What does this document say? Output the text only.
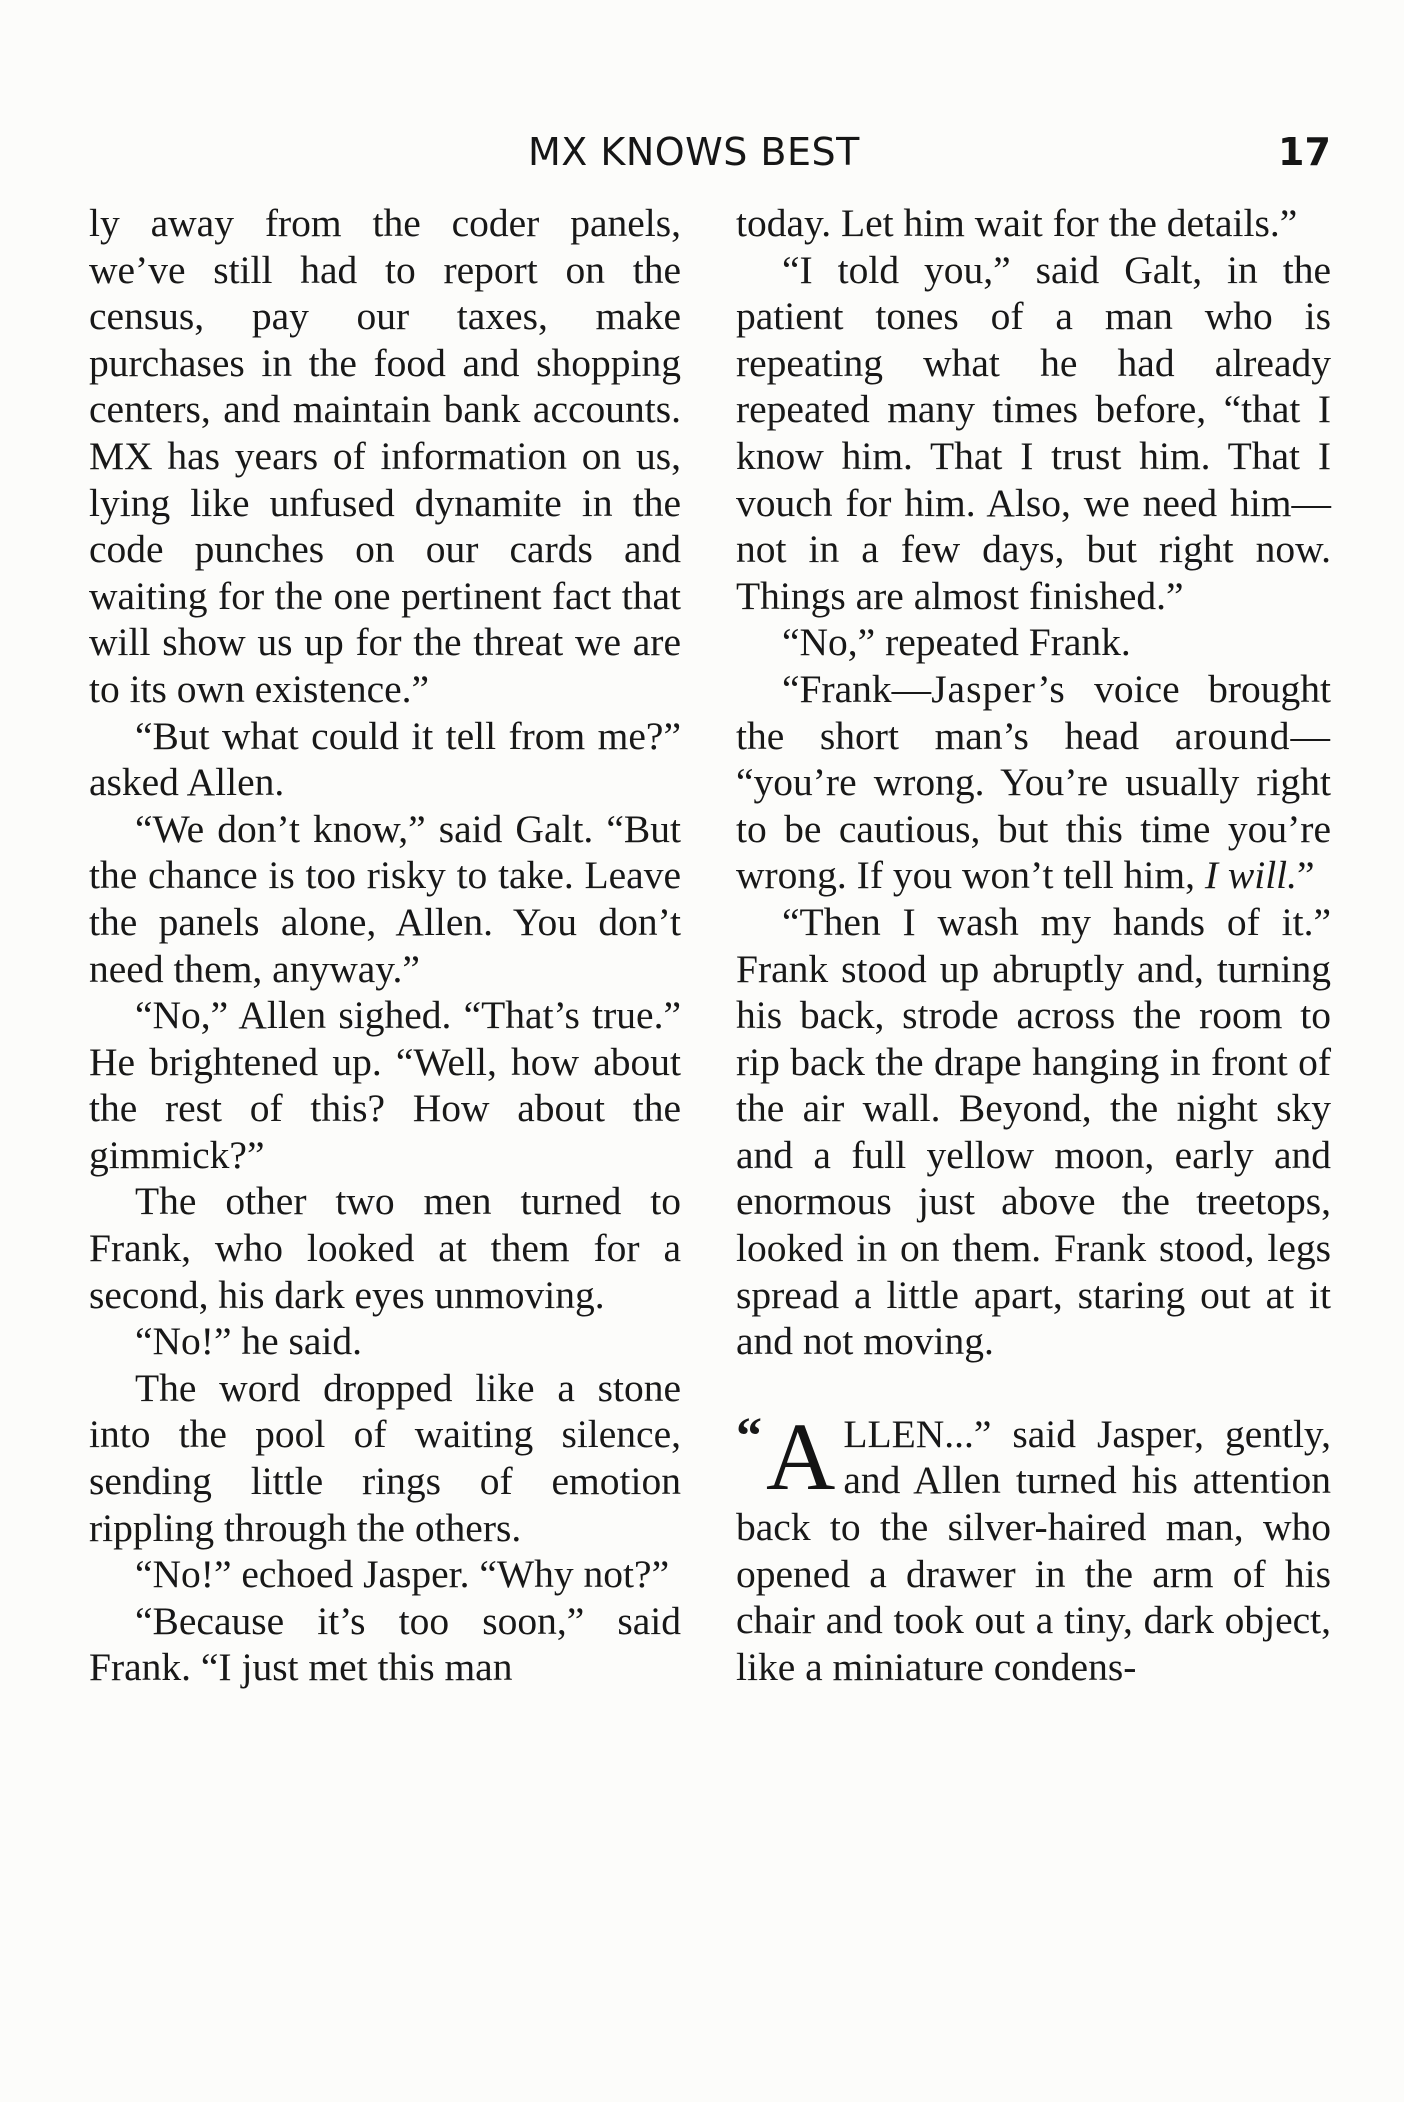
MX KNOWS BEST	17

ly away from the coder panels, we’ve still had to report on the census, pay our taxes, make purchases in the food and shopping centers, and maintain bank accounts. MX has years of information on us, lying like unfused dynamite in the code punches on our cards and waiting for the one pertinent fact that will show us up for the threat we are to its own existence.”

“But what could it tell from me?” asked Allen.

“We don’t know,” said Galt. “But the chance is too risky to take. Leave the panels alone, Allen. You don’t need them, anyway.”

“No,” Allen sighed. “That’s true.” He brightened up. “Well, how about the rest of this? How about the gimmick?”

The other two men turned to Frank, who looked at them for a second, his dark eyes unmoving.

“No!” he said.

The word dropped like a stone into the pool of waiting silence, sending little rings of emotion rippling through the others.

“No!” echoed Jasper. “Why not?”

“Because it’s too soon,” said Frank. “I just met this man

today. Let him wait for the details.”

“I told you,” said Galt, in the patient tones of a man who is repeating what he had already repeated many times before, “that I know him. That I trust him. That I vouch for him. Also, we need him—not in a few days, but right now. Things are almost finished.”

“No,” repeated Frank.

“Frank—Jasper’s voice brought the short man’s head around— “you’re wrong. You’re usually right to be cautious, but this time you’re wrong. If you won’t tell him, I will.”

“Then I wash my hands of it.” Frank stood up abruptly and, turning his back, strode across the room to rip back the drape hanging in front of the air wall. Beyond, the night sky and a full yellow moon, early and enormous just above the treetops, looked in on them. Frank stood, legs spread a little apart, staring out at it and not moving.

“ A LLEN...” said Jasper, gently, and Allen turned his attention back to the silver-haired man, who opened a drawer in the arm of his chair and took out a tiny, dark object, like a miniature condens-
